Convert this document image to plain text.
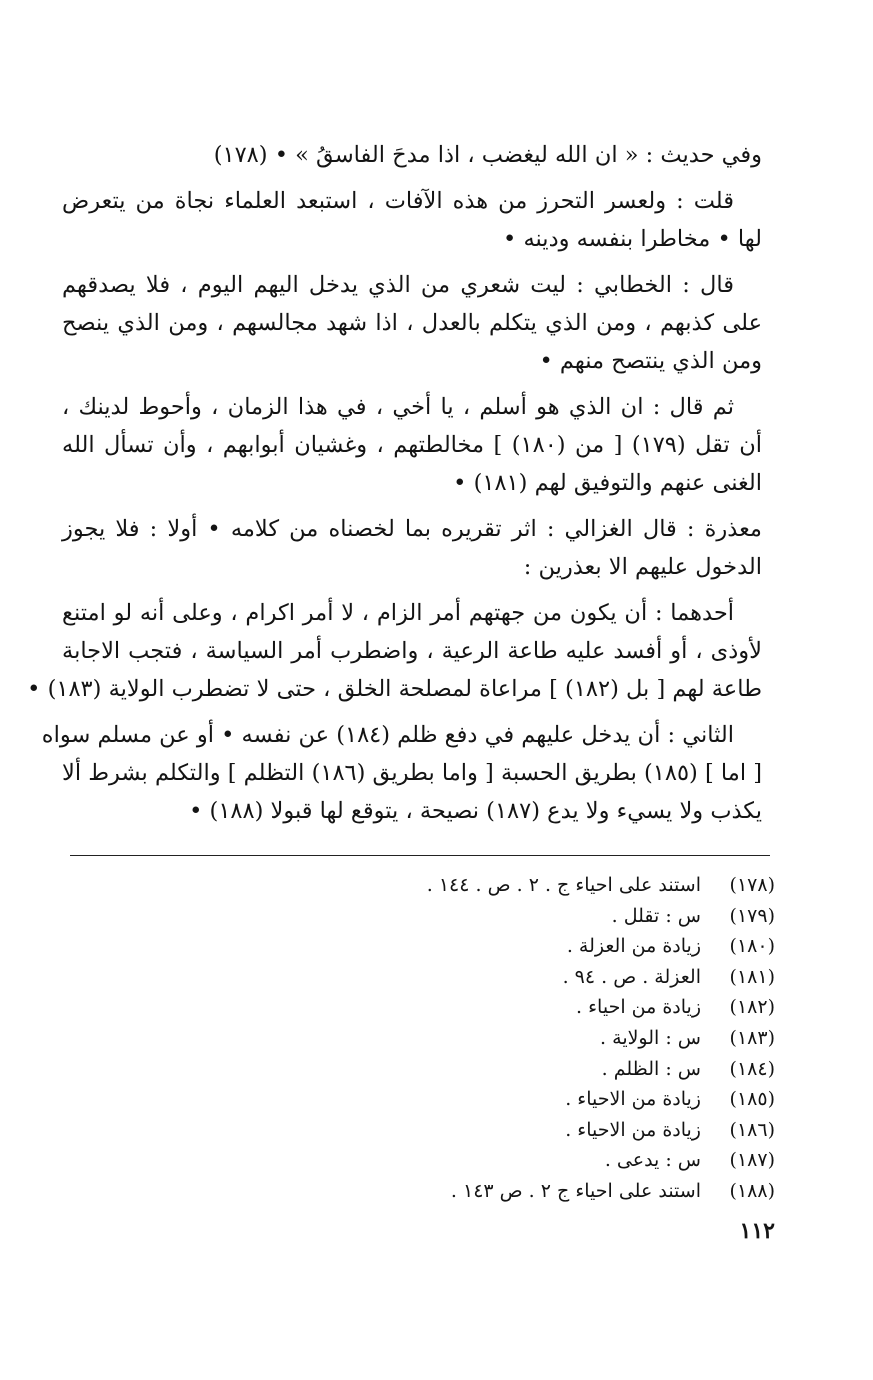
وفي حديث : « ان الله ليغضب ، اذا مدحَ الفاسقُ » • (١٧٨)

قلت : ولعسر التحرز من هذه الآفات ، استبعد العلماء نجاة من يتعرض
لها • مخاطرا بنفسه ودينه •

قال : الخطابي : ليت شعري من الذي يدخل اليهم اليوم ، فلا يصدقهم
على كذبهم ، ومن الذي يتكلم بالعدل ، اذا شهد مجالسهم ، ومن الذي ينصح
ومن الذي ينتصح منهم •

ثم قال : ان الذي هو أسلم ، يا أخي ، في هذا الزمان ، وأحوط لدينك ،
أن تقل (١٧٩) [ من (١٨٠) ] مخالطتهم ، وغشيان أبوابهم ، وأن تسأل الله
الغنى عنهم والتوفيق لهم (١٨١) •

معذرة : قال الغزالي : اثر تقريره بما لخصناه من كلامه • أولا : فلا يجوز
الدخول عليهم الا بعذرين :

أحدهما : أن يكون من جهتهم أمر الزام ، لا أمر اكرام ، وعلى أنه لو امتنع
لأوذى ، أو أفسد عليه طاعة الرعية ، واضطرب أمر السياسة ، فتجب الاجابة
طاعة لهم [ بل (١٨٢) ] مراعاة لمصلحة الخلق ، حتى لا تضطرب الولاية (١٨٣) •

الثاني : أن يدخل عليهم في دفع ظلم (١٨٤) عن نفسه • أو عن مسلم سواه
[ اما ] (١٨٥) بطريق الحسبة [ واما بطريق (١٨٦) التظلم ] والتكلم بشرط ألا
يكذب ولا يسيء ولا يدع (١٨٧) نصيحة ، يتوقع لها قبولا (١٨٨) •

(١٧٨)
استند على احياء ج . ٢ . ص . ١٤٤ .
(١٧٩)
س : تقلل .
(١٨٠)
زيادة من العزلة .
(١٨١)
العزلة . ص . ٩٤ .
(١٨٢)
زيادة من احياء .
(١٨٣)
س : الولاية .
(١٨٤)
س : الظلم .
(١٨٥)
زيادة من الاحياء .
(١٨٦)
زيادة من الاحياء .
(١٨٧)
س : يدعى .
(١٨٨)
استند على احياء ج ٢ . ص ١٤٣ .
١١٢
